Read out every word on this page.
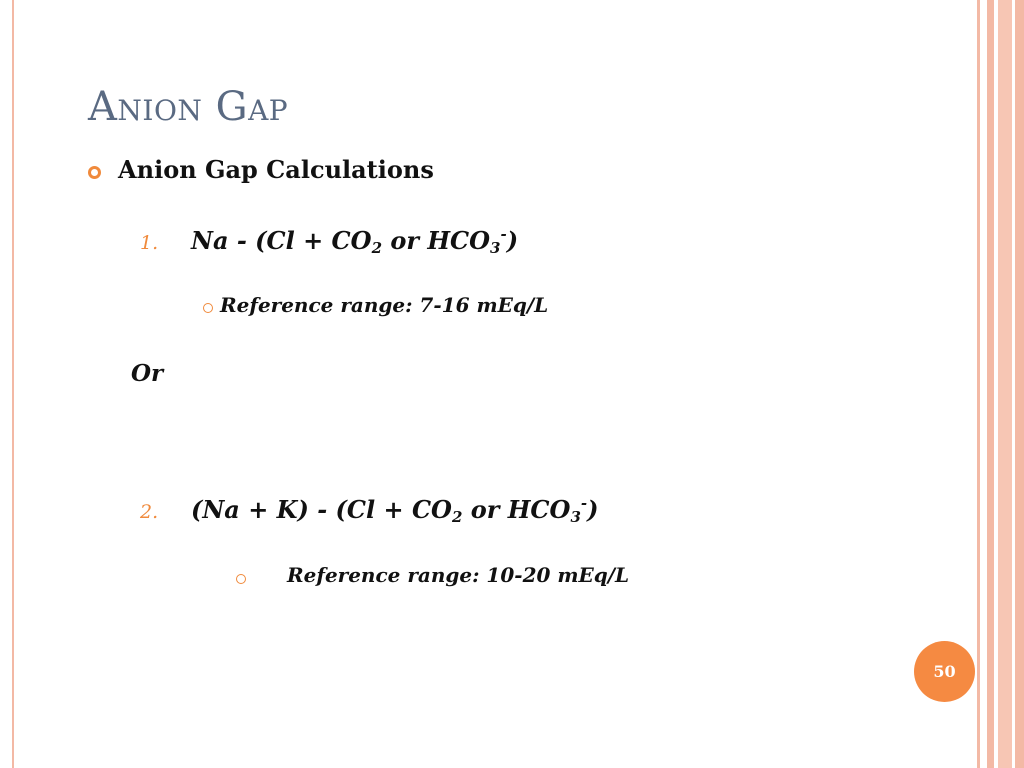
Anion Gap
Anion Gap Calculations
1. $Na - (Cl + CO_2$ or $HCO_3^-$)
Reference range: 7-16 mEq/L
Or
2. $(Na + K) - (Cl + CO_2$ or $HCO_3^-$)
Reference range: 10-20 mEq/L
50
